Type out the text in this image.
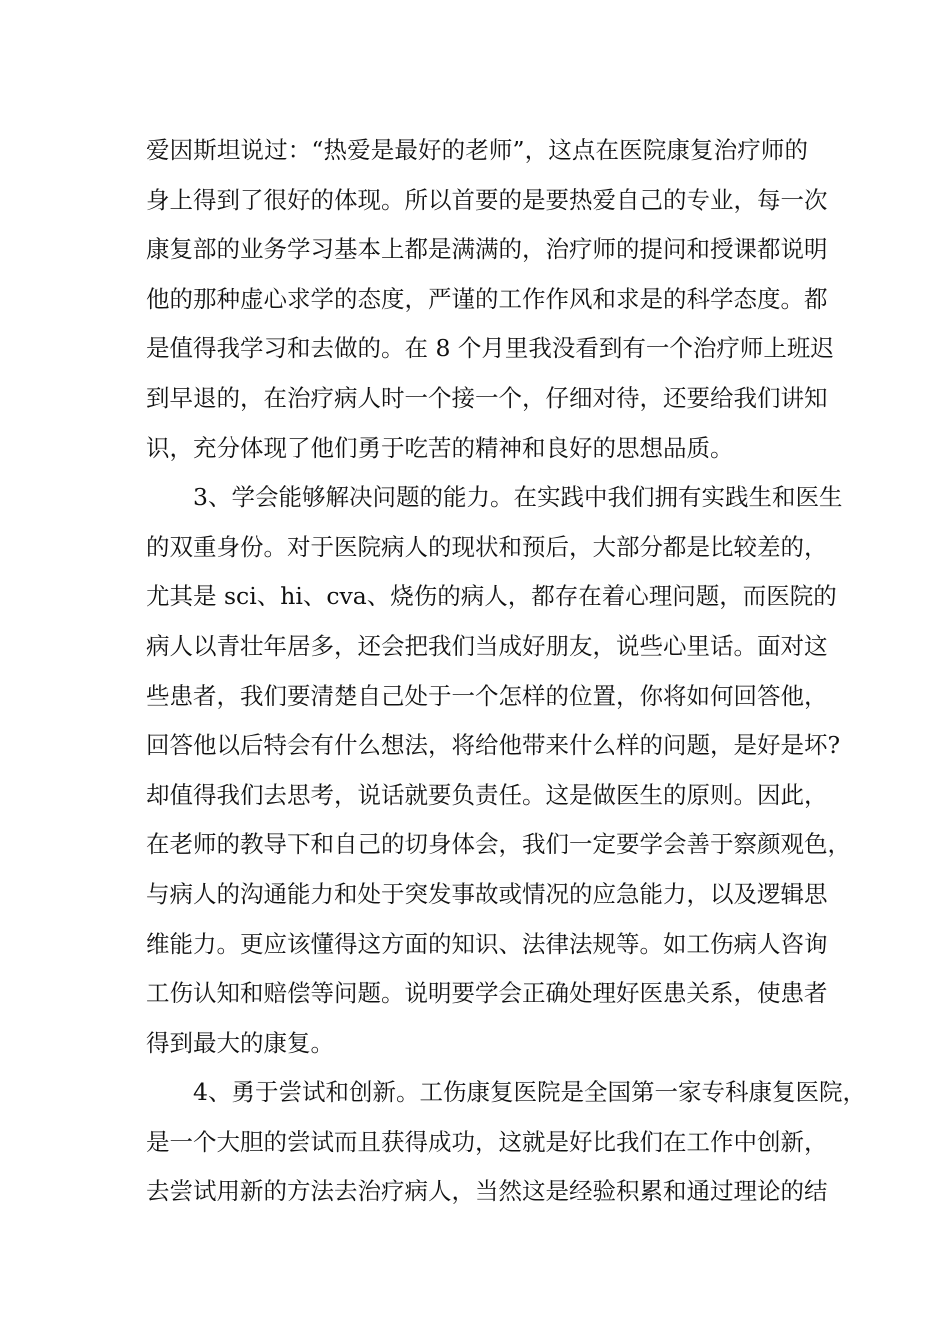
爱因斯坦说过：“热爱是最好的老师”，这点在医院康复治疗师的
身上得到了很好的体现。所以首要的是要热爱自己的专业，每一次
康复部的业务学习基本上都是满满的，治疗师的提问和授课都说明
他的那种虚心求学的态度，严谨的工作作风和求是的科学态度。都
是值得我学习和去做的。在 8 个月里我没看到有一个治疗师上班迟
到早退的，在治疗病人时一个接一个，仔细对待，还要给我们讲知
识，充分体现了他们勇于吃苦的精神和良好的思想品质。
3、学会能够解决问题的能力。在实践中我们拥有实践生和医生
的双重身份。对于医院病人的现状和预后，大部分都是比较差的，
尤其是 sci、hi、cva、烧伤的病人，都存在着心理问题，而医院的
病人以青壮年居多，还会把我们当成好朋友，说些心里话。面对这
些患者，我们要清楚自己处于一个怎样的位置，你将如何回答他，
回答他以后特会有什么想法，将给他带来什么样的问题，是好是坏?
却值得我们去思考，说话就要负责任。这是做医生的原则。因此，
在老师的教导下和自己的切身体会，我们一定要学会善于察颜观色，
与病人的沟通能力和处于突发事故或情况的应急能力，以及逻辑思
维能力。更应该懂得这方面的知识、法律法规等。如工伤病人咨询
工伤认知和赔偿等问题。说明要学会正确处理好医患关系，使患者
得到最大的康复。
4、勇于尝试和创新。工伤康复医院是全国第一家专科康复医院，
是一个大胆的尝试而且获得成功，这就是好比我们在工作中创新，
去尝试用新的方法去治疗病人，当然这是经验积累和通过理论的结
